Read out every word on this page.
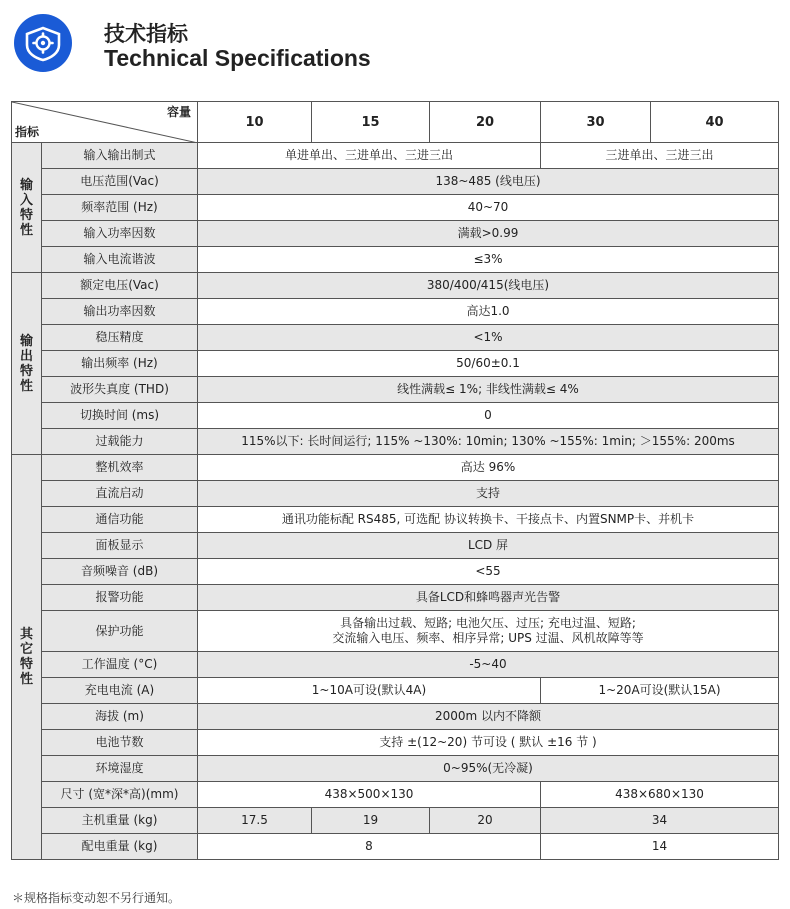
技术指标
Technical Specifications
容量
指标		10	15	20	30	40

输
入
特
性	输入输出制式	单进单出、三进单出、三进三出			三进单出、三进三出	
	电压范围(Vac)	138~485 (线电压)				
	频率范围 (Hz)	40~70				
	输入功率因数	满载>0.99				
	输入电流谐波	≤3%				

输
出
特
性	额定电压(Vac)	380/400/415(线电压)				
	输出功率因数	高达1.0				
	稳压精度	<1%				
	输出频率 (Hz)	50/60±0.1				
	波形失真度 (THD)	线性满载≤ 1%; 非线性满载≤ 4%				
	切换时间 (ms)	0				
	过载能力	115%以下: 长时间运行; 115% ~130%: 10min; 130% ~155%: 1min; ＞155%: 200ms				

其
它
特
性	整机效率	高达 96%				
	直流启动	支持				
	通信功能	通讯功能标配 RS485, 可选配 协议转换卡、干接点卡、内置SNMP卡、并机卡				
	面板显示	LCD 屏				
	音频噪音 (dB)	<55				
	报警功能	具备LCD和蜂鸣器声光告警				
	保护功能	具备输出过载、短路; 电池欠压、过压; 充电过温、短路;
交流输入电压、频率、相序异常; UPS 过温、风机故障等等				

	工作温度 (°C)	-5~40				
	充电电流 (A)	1~10A可设(默认4A)			1~20A可设(默认15A)	
	海拔 (m)	2000m 以内不降额				
	电池节数	支持 ±(12~20) 节可设 ( 默认 ±16 节 )				
	环境湿度	0~95%(无冷凝)				
	尺寸 (宽*深*高)(mm)	438×500×130			438×680×130	
	主机重量 (kg)	17.5	19	20	34	
	配电重量 (kg)	8			14	
＊规格指标变动恕不另行通知。
